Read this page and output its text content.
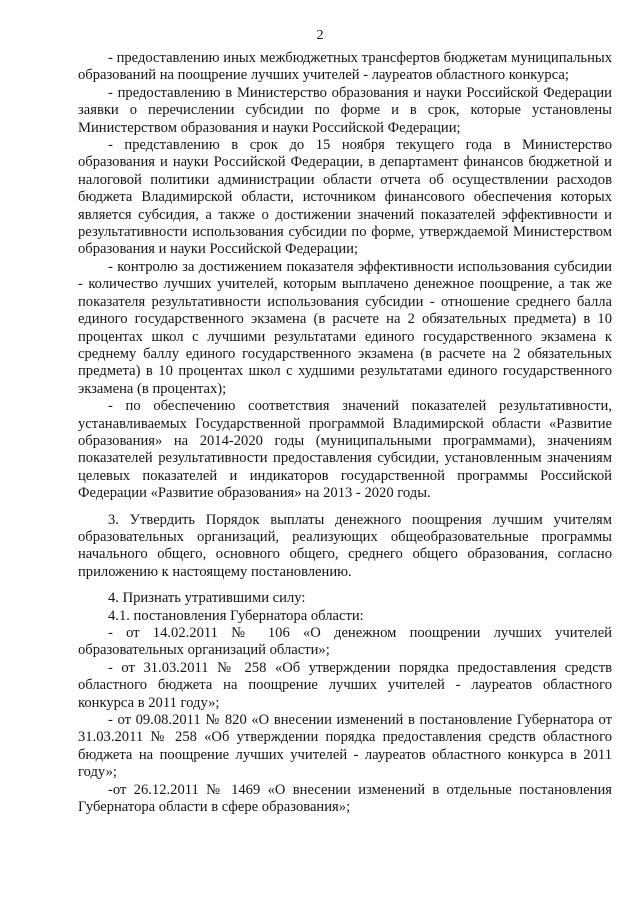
2

- предоставлению иных межбюджетных трансфертов бюджетам муниципальных образований на поощрение лучших учителей - лауреатов областного конкурса;

- предоставлению в Министерство образования и науки Российской Федерации заявки о перечислении субсидии по форме и в срок, которые установлены Министерством образования и науки Российской Федерации;

- представлению в срок до 15 ноября текущего года в Министерство образования и науки Российской Федерации, в департамент финансов бюджетной и налоговой политики администрации области отчета об осуществлении расходов бюджета Владимирской области, источником финансового обеспечения которых является субсидия, а также о достижении значений показателей эффективности и результативности использования субсидии по форме, утверждаемой Министерством образования и науки Российской Федерации;

- контролю за достижением показателя эффективности использования субсидии - количество лучших учителей, которым выплачено денежное поощрение, а так же показателя результативности использования субсидии - отношение среднего балла единого государственного экзамена (в расчете на 2 обязательных предмета) в 10 процентах школ с лучшими результатами единого государственного экзамена к среднему баллу единого государственного экзамена (в расчете на 2 обязательных предмета) в 10 процентах школ с худшими результатами единого государственного экзамена (в процентах);

- по обеспечению соответствия значений показателей результативности, устанавливаемых Государственной программой Владимирской области «Развитие образования» на 2014-2020 годы (муниципальными программами), значениям показателей результативности предоставления субсидии, установленным значениям целевых показателей и индикаторов государственной программы Российской Федерации «Развитие образования» на 2013 - 2020 годы.

3. Утвердить Порядок выплаты денежного поощрения лучшим учителям образовательных организаций, реализующих общеобразовательные программы начального общего, основного общего, среднего общего образования, согласно приложению к настоящему постановлению.

4. Признать утратившими силу:

4.1. постановления Губернатора области:

- от 14.02.2011 № 106 «О денежном поощрении лучших учителей образовательных организаций области»;

- от 31.03.2011 № 258 «Об утверждении порядка предоставления средств областного бюджета на поощрение лучших учителей - лауреатов областного конкурса в 2011 году»;

- от 09.08.2011 № 820 «О внесении изменений в постановление Губернатора от 31.03.2011 № 258 «Об утверждении порядка предоставления средств областного бюджета на поощрение лучших учителей - лауреатов областного конкурса в 2011 году»;

-от 26.12.2011 № 1469 «О внесении изменений в отдельные постановления Губернатора области в сфере образования»;
